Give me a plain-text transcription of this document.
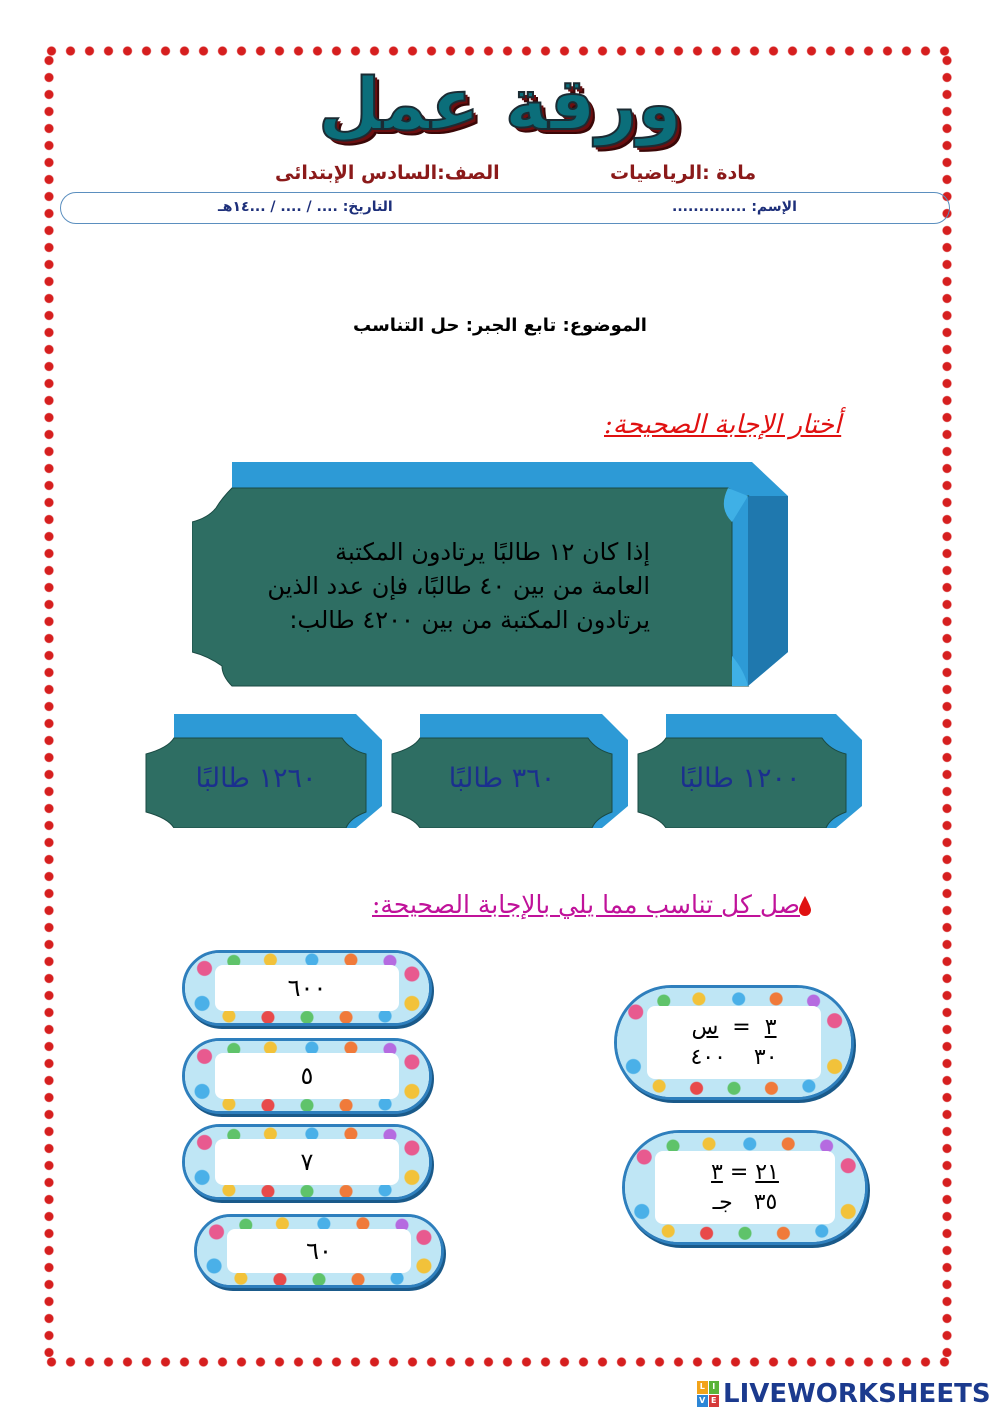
ورقة عمل
مادة :الرياضيات
الصف:السادس الإبتدائى
الإسم: ..............
التاريخ: .... / .... / ...١٤هـ
الموضوع: تابع الجبر: حل التناسب
أختار الإجابة الصحيحة:
إذا كان ١٢ طالبًا يرتادون المكتبة
العامة من بين ٤٠ طالبًا، فإن عدد الذين
يرتادون المكتبة من بين ٤٢٠٠ طالب:
١٢٠٠ طالبًا
٣٦٠ طالبًا
١٢٦٠ طالبًا
صل كل تناسب مما يلي بالإجابة الصحيحة:
٣  =  س
٣٠    ٤٠٠
٢١ = ٣
٣٥   جـ
٦٠٠
٥
٧
٦٠
L I
V E LIVEWORKSHEETS
